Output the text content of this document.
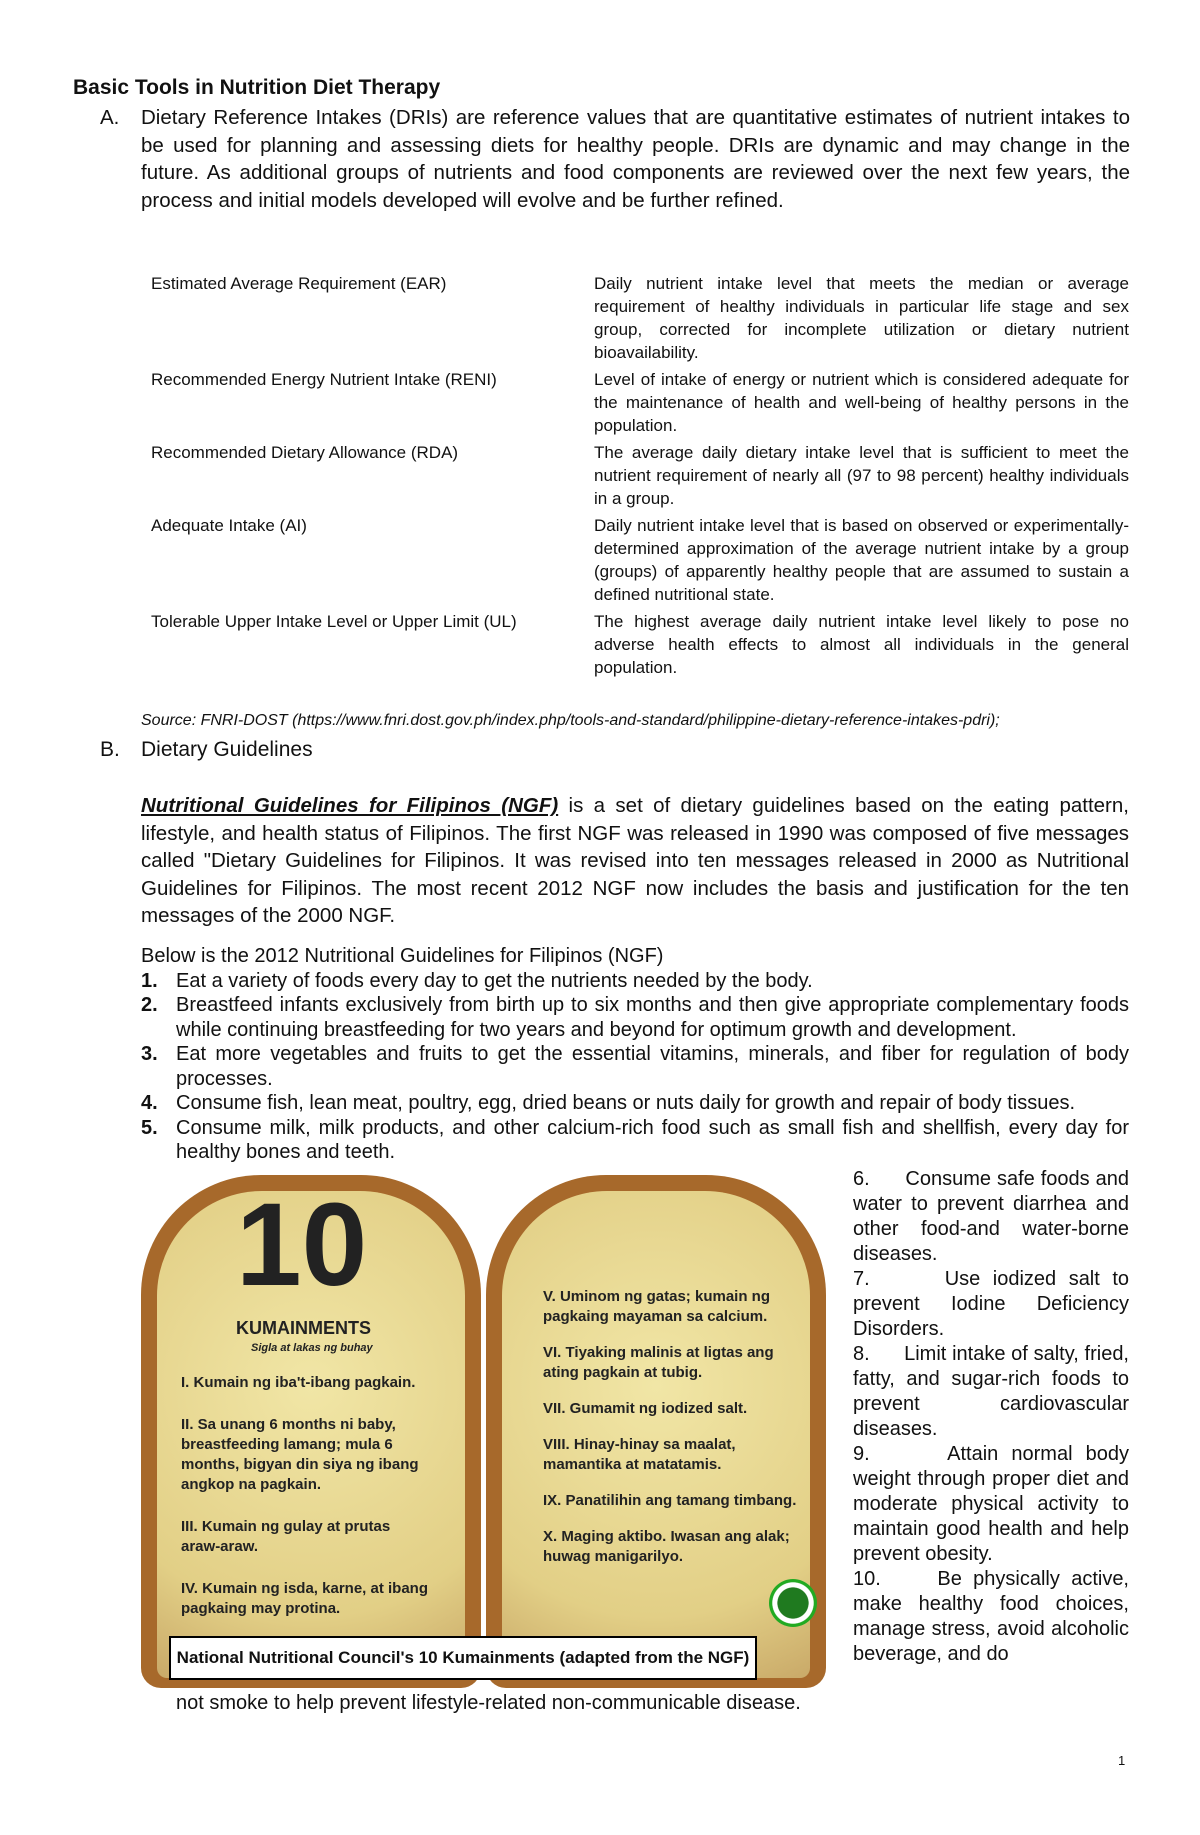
Basic Tools in Nutrition Diet Therapy
A. Dietary Reference Intakes (DRIs) are reference values that are quantitative estimates of nutrient intakes to be used for planning and assessing diets for healthy people. DRIs are dynamic and may change in the future. As additional groups of nutrients and food components are reviewed over the next few years, the process and initial models developed will evolve and be further refined.
Estimated Average Requirement (EAR)	Daily nutrient intake level that meets the median or average requirement of healthy individuals in particular life stage and sex group, corrected for incomplete utilization or dietary nutrient bioavailability.
Recommended Energy Nutrient Intake (RENI)	Level of intake of energy or nutrient which is considered adequate for the maintenance of health and well-being of healthy persons in the population.
Recommended Dietary Allowance (RDA)	The average daily dietary intake level that is sufficient to meet the nutrient requirement of nearly all (97 to 98 percent) healthy individuals in a group.
Adequate Intake (AI)	Daily nutrient intake level that is based on observed or experimentally-determined approximation of the average nutrient intake by a group (groups) of apparently healthy people that are assumed to sustain a defined nutritional state.
Tolerable Upper Intake Level or Upper Limit (UL)	The highest average daily nutrient intake level likely to pose no adverse health effects to almost all individuals in the general population.
Source: FNRI-DOST (https://www.fnri.dost.gov.ph/index.php/tools-and-standard/philippine-dietary-reference-intakes-pdri);
B. Dietary Guidelines
Nutritional Guidelines for Filipinos (NGF) is a set of dietary guidelines based on the eating pattern, lifestyle, and health status of Filipinos. The first NGF was released in 1990 was composed of five messages called "Dietary Guidelines for Filipinos. It was revised into ten messages released in 2000 as Nutritional Guidelines for Filipinos. The most recent 2012 NGF now includes the basis and justification for the ten messages of the 2000 NGF.
Below is the 2012 Nutritional Guidelines for Filipinos (NGF)
1. Eat a variety of foods every day to get the nutrients needed by the body.
2. Breastfeed infants exclusively from birth up to six months and then give appropriate complementary foods while continuing breastfeeding for two years and beyond for optimum growth and development.
3. Eat more vegetables and fruits to get the essential vitamins, minerals, and fiber for regulation of body processes.
4. Consume fish, lean meat, poultry, egg, dried beans or nuts daily for growth and repair of body tissues.
5. Consume milk, milk products, and other calcium-rich food such as small fish and shellfish, every day for healthy bones and teeth.
10
KUMAINMENTS
Sigla at lakas ng buhay
I. Kumain ng iba't-ibang pagkain.
II. Sa unang 6 months ni baby, breastfeeding lamang; mula 6 months, bigyan din siya ng ibang angkop na pagkain.
III. Kumain ng gulay at prutas araw-araw.
IV. Kumain ng isda, karne, at ibang pagkaing may protina.
V. Uminom ng gatas; kumain ng pagkaing mayaman sa calcium.
VI. Tiyaking malinis at ligtas ang ating pagkain at tubig.
VII. Gumamit ng iodized salt.
VIII. Hinay-hinay sa maalat, mamantika at matatamis.
IX. Panatilihin ang tamang timbang.
X. Maging aktibo. Iwasan ang alak; huwag manigarilyo.
National Nutritional Council's 10 Kumainments (adapted from the NGF)
6.      Consume safe foods and water to prevent diarrhea and other food-and water-borne diseases.
7.      Use iodized salt to prevent Iodine Deficiency Disorders.
8.      Limit intake of salty, fried, fatty, and sugar-rich foods to prevent cardiovascular diseases.
9.      Attain normal body weight through proper diet and moderate physical activity to maintain good health and help prevent obesity.
10.     Be physically active, make healthy food choices, manage stress, avoid alcoholic beverage, and do
not smoke to help prevent lifestyle-related non-communicable disease.
1
